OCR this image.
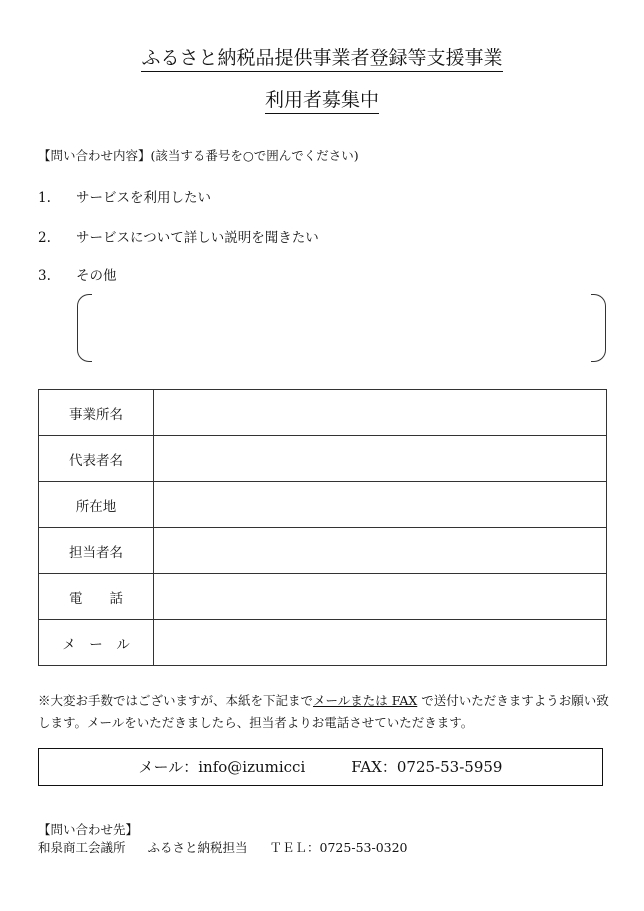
ふるさと納税品提供事業者登録等支援事業
利用者募集中
【問い合わせ内容】(該当する番号を○で囲んでください)
1. サービスを利用したい
2. サービスについて詳しい説明を聞きたい
3. その他
事業所名	
代表者名	
所在地	
担当者名	
電　　話	
メ　ー　ル	
※大変お手数ではございますが、本紙を下記までメールまたは FAX で送付いただきますようお願い致します。メールをいただきましたら、担当者よりお電話させていただきます。
メール：info@izumicci	FAX：0725-53-5959
【問い合わせ先】
和泉商工会議所 ふるさと納税担当 ＴＥＬ：0725-53-0320
